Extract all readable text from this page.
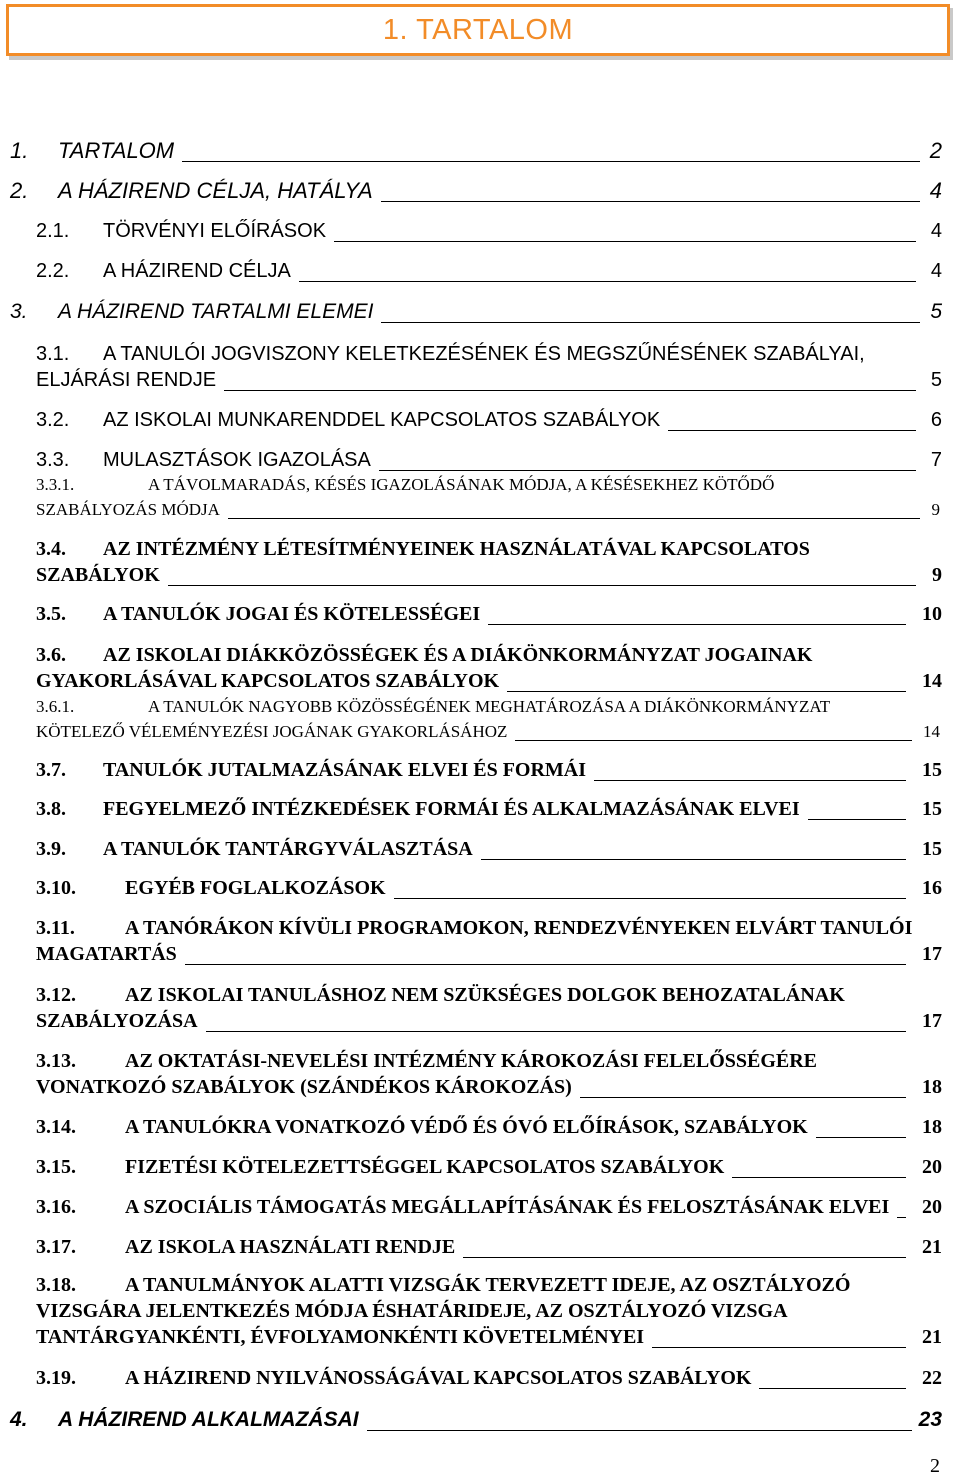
1. TARTALOM
1. TARTALOM	2
2. A HÁZIREND CÉLJA, HATÁLYA	4
2.1. TÖRVÉNYI ELŐÍRÁSOK	4
2.2. A HÁZIREND CÉLJA	4
3. A HÁZIREND TARTALMI ELEMEI	5
3.1. A TANULÓI JOGVISZONY KELETKEZÉSÉNEK ÉS MEGSZŰNÉSÉNEK SZABÁLYAI,
ELJÁRÁSI RENDJE	5
3.2. AZ ISKOLAI MUNKARENDDEL KAPCSOLATOS SZABÁLYOK	6
3.3. MULASZTÁSOK IGAZOLÁSA	7
3.3.1.	A TÁVOLMARADÁS, KÉSÉS IGAZOLÁSÁNAK MÓDJA, A KÉSÉSEKHEZ KÖTŐDŐ
SZABÁLYOZÁS MÓDJA	9
3.4. AZ INTÉZMÉNY LÉTESÍTMÉNYEINEK HASZNÁLATÁVAL KAPCSOLATOS
SZABÁLYOK	9
3.5. A TANULÓK JOGAI ÉS KÖTELESSÉGEI	10
3.6. AZ ISKOLAI DIÁKKÖZÖSSÉGEK ÉS A DIÁKÖNKORMÁNYZAT JOGAINAK
GYAKORLÁSÁVAL KAPCSOLATOS SZABÁLYOK	14
3.6.1.	A TANULÓK NAGYOBB KÖZÖSSÉGÉNEK MEGHATÁROZÁSA A DIÁKÖNKORMÁNYZAT
KÖTELEZŐ VÉLEMÉNYEZÉSI JOGÁNAK GYAKORLÁSÁHOZ	14
3.7. TANULÓK JUTALMAZÁSÁNAK ELVEI ÉS FORMÁI	15
3.8. FEGYELMEZŐ INTÉZKEDÉSEK FORMÁI ÉS ALKALMAZÁSÁNAK ELVEI	15
3.9. A TANULÓK TANTÁRGYVÁLASZTÁSA	15
3.10. EGYÉB FOGLALKOZÁSOK	16
3.11.	A TANÓRÁKON KÍVÜLI PROGRAMOKON, RENDEZVÉNYEKEN ELVÁRT TANULÓI
MAGATARTÁS	17
3.12. AZ ISKOLAI TANULÁSHOZ NEM SZÜKSÉGES DOLGOK BEHOZATALÁNAK
SZABÁLYOZÁSA	17
3.13. AZ OKTATÁSI-NEVELÉSI INTÉZMÉNY KÁROKOZÁSI FELELŐSSÉGÉRE
VONATKOZÓ SZABÁLYOK (SZÁNDÉKOS KÁROKOZÁS)	18
3.14. A TANULÓKRA VONATKOZÓ VÉDŐ ÉS ÓVÓ ELŐÍRÁSOK, SZABÁLYOK	18
3.15. FIZETÉSI KÖTELEZETTSÉGGEL KAPCSOLATOS SZABÁLYOK	20
3.16. A SZOCIÁLIS TÁMOGATÁS MEGÁLLAPÍTÁSÁNAK ÉS FELOSZTÁSÁNAK ELVEI 20
3.17. AZ ISKOLA HASZNÁLATI RENDJE	21
3.18. A TANULMÁNYOK ALATTI VIZSGÁK TERVEZETT IDEJE, AZ OSZTÁLYOZÓ
VIZSGÁRA JELENTKEZÉS MÓDJA ÉSHATÁRIDEJE, AZ OSZTÁLYOZÓ VIZSGA
TANTÁRGYANKÉNTI, ÉVFOLYAMONKÉNTI KÖVETELMÉNYEI	21
3.19. A HÁZIREND NYILVÁNOSSÁGÁVAL KAPCSOLATOS SZABÁLYOK	22
4. A HÁZIREND ALKALMAZÁSAI	23
2
